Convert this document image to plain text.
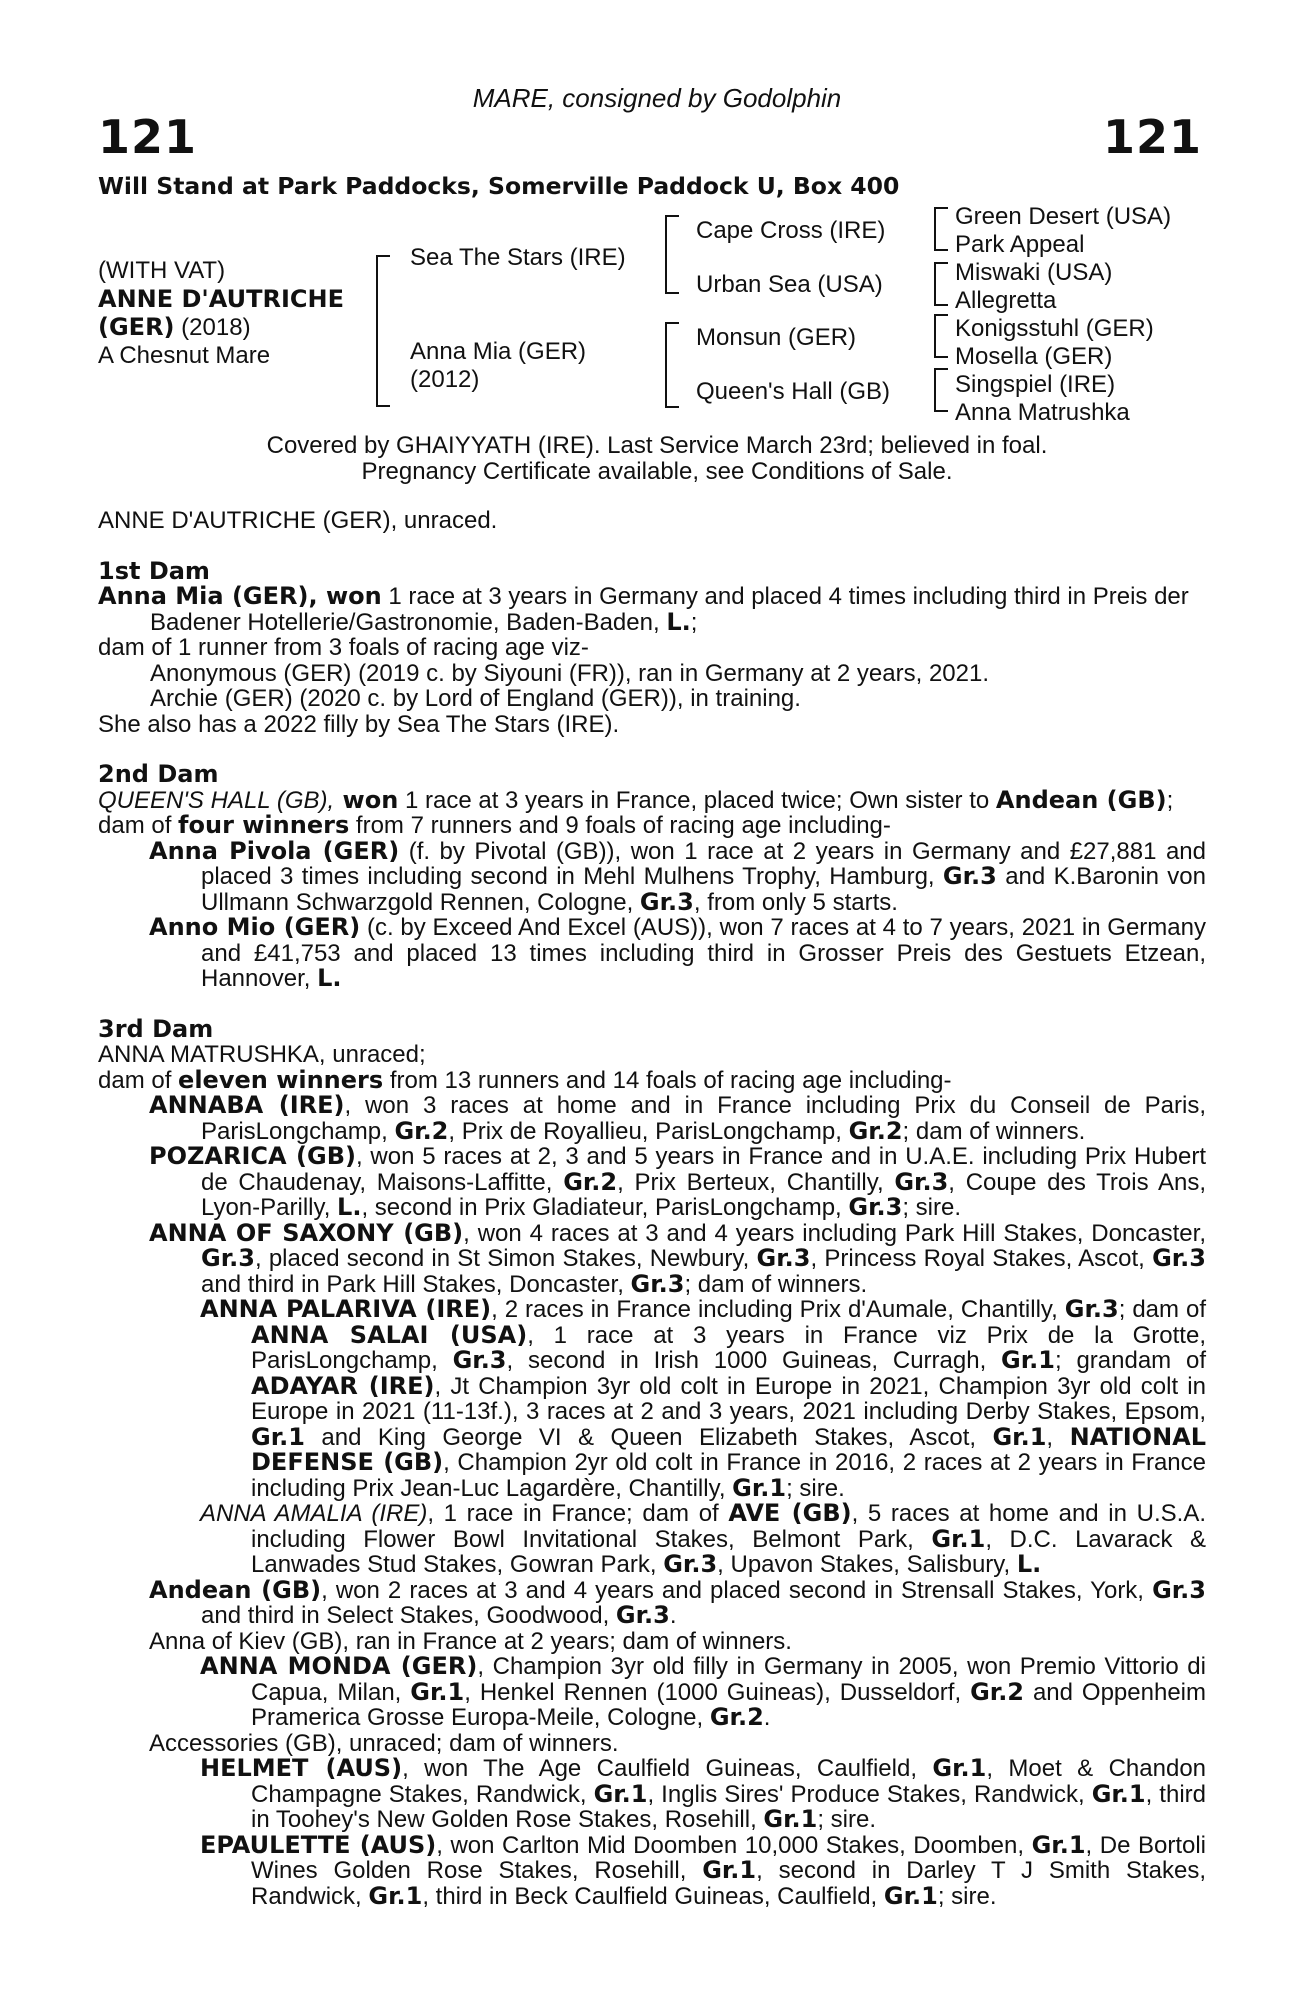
MARE, consigned by Godolphin
121	121
Will Stand at Park Paddocks, Somerville Paddock U, Box 400
(WITH VAT)
ANNE D'AUTRICHE
(GER) (2018)
A Chesnut Mare
Sea The Stars (IRE)
Anna Mia (GER)
(2012)
Cape Cross (IRE)
Urban Sea (USA)
Monsun (GER)
Queen's Hall (GB)
Green Desert (USA)
Park Appeal
Miswaki (USA)
Allegretta
Konigsstuhl (GER)
Mosella (GER)
Singspiel (IRE)
Anna Matrushka
Covered by GHAIYYATH (IRE). Last Service March 23rd; believed in foal.
Pregnancy Certificate available, see Conditions of Sale.

ANNE D'AUTRICHE (GER), unraced.

1st Dam

Anna Mia (GER), won 1 race at 3 years in Germany and placed 4 times including third in Preis der Badener Hotellerie/Gastronomie, Baden-Baden, L.;

dam of 1 runner from 3 foals of racing age viz-

Anonymous (GER) (2019 c. by Siyouni (FR)), ran in Germany at 2 years, 2021.

Archie (GER) (2020 c. by Lord of England (GER)), in training.

She also has a 2022 filly by Sea The Stars (IRE).

2nd Dam

QUEEN'S HALL (GB), won 1 race at 3 years in France, placed twice; Own sister to Andean (GB);

dam of four winners from 7 runners and 9 foals of racing age including-

Anna Pivola (GER) (f. by Pivotal (GB)), won 1 race at 2 years in Germany and £27,881 and placed 3 times including second in Mehl Mulhens Trophy, Hamburg, Gr.3 and K.Baronin von Ullmann Schwarzgold Rennen, Cologne, Gr.3, from only 5 starts.

Anno Mio (GER) (c. by Exceed And Excel (AUS)), won 7 races at 4 to 7 years, 2021 in Germany and £41,753 and placed 13 times including third in Grosser Preis des Gestuets Etzean, Hannover, L.

3rd Dam

ANNA MATRUSHKA, unraced;

dam of eleven winners from 13 runners and 14 foals of racing age including-

ANNABA (IRE), won 3 races at home and in France including Prix du Conseil de Paris, ParisLongchamp, Gr.2, Prix de Royallieu, ParisLongchamp, Gr.2; dam of winners.

POZARICA (GB), won 5 races at 2, 3 and 5 years in France and in U.A.E. including Prix Hubert de Chaudenay, Maisons-Laffitte, Gr.2, Prix Berteux, Chantilly, Gr.3, Coupe des Trois Ans, Lyon-Parilly, L., second in Prix Gladiateur, ParisLongchamp, Gr.3; sire.

ANNA OF SAXONY (GB), won 4 races at 3 and 4 years including Park Hill Stakes, Doncaster, Gr.3, placed second in St Simon Stakes, Newbury, Gr.3, Princess Royal Stakes, Ascot, Gr.3 and third in Park Hill Stakes, Doncaster, Gr.3; dam of winners.

ANNA PALARIVA (IRE), 2 races in France including Prix d'Aumale, Chantilly, Gr.3; dam of ANNA SALAI (USA), 1 race at 3 years in France viz Prix de la Grotte, ParisLongchamp, Gr.3, second in Irish 1000 Guineas, Curragh, Gr.1; grandam of ADAYAR (IRE), Jt Champion 3yr old colt in Europe in 2021, Champion 3yr old colt in Europe in 2021 (11-13f.), 3 races at 2 and 3 years, 2021 including Derby Stakes, Epsom, Gr.1 and King George VI & Queen Elizabeth Stakes, Ascot, Gr.1, NATIONAL DEFENSE (GB), Champion 2yr old colt in France in 2016, 2 races at 2 years in France including Prix Jean-Luc Lagardère, Chantilly, Gr.1; sire.

ANNA AMALIA (IRE), 1 race in France; dam of AVE (GB), 5 races at home and in U.S.A. including Flower Bowl Invitational Stakes, Belmont Park, Gr.1, D.C. Lavarack & Lanwades Stud Stakes, Gowran Park, Gr.3, Upavon Stakes, Salisbury, L.

Andean (GB), won 2 races at 3 and 4 years and placed second in Strensall Stakes, York, Gr.3 and third in Select Stakes, Goodwood, Gr.3.

Anna of Kiev (GB), ran in France at 2 years; dam of winners.

ANNA MONDA (GER), Champion 3yr old filly in Germany in 2005, won Premio Vittorio di Capua, Milan, Gr.1, Henkel Rennen (1000 Guineas), Dusseldorf, Gr.2 and Oppenheim Pramerica Grosse Europa-Meile, Cologne, Gr.2.

Accessories (GB), unraced; dam of winners.

HELMET (AUS), won The Age Caulfield Guineas, Caulfield, Gr.1, Moet & Chandon Champagne Stakes, Randwick, Gr.1, Inglis Sires' Produce Stakes, Randwick, Gr.1, third in Toohey's New Golden Rose Stakes, Rosehill, Gr.1; sire.

EPAULETTE (AUS), won Carlton Mid Doomben 10,000 Stakes, Doomben, Gr.1, De Bortoli Wines Golden Rose Stakes, Rosehill, Gr.1, second in Darley T J Smith Stakes, Randwick, Gr.1, third in Beck Caulfield Guineas, Caulfield, Gr.1; sire.
